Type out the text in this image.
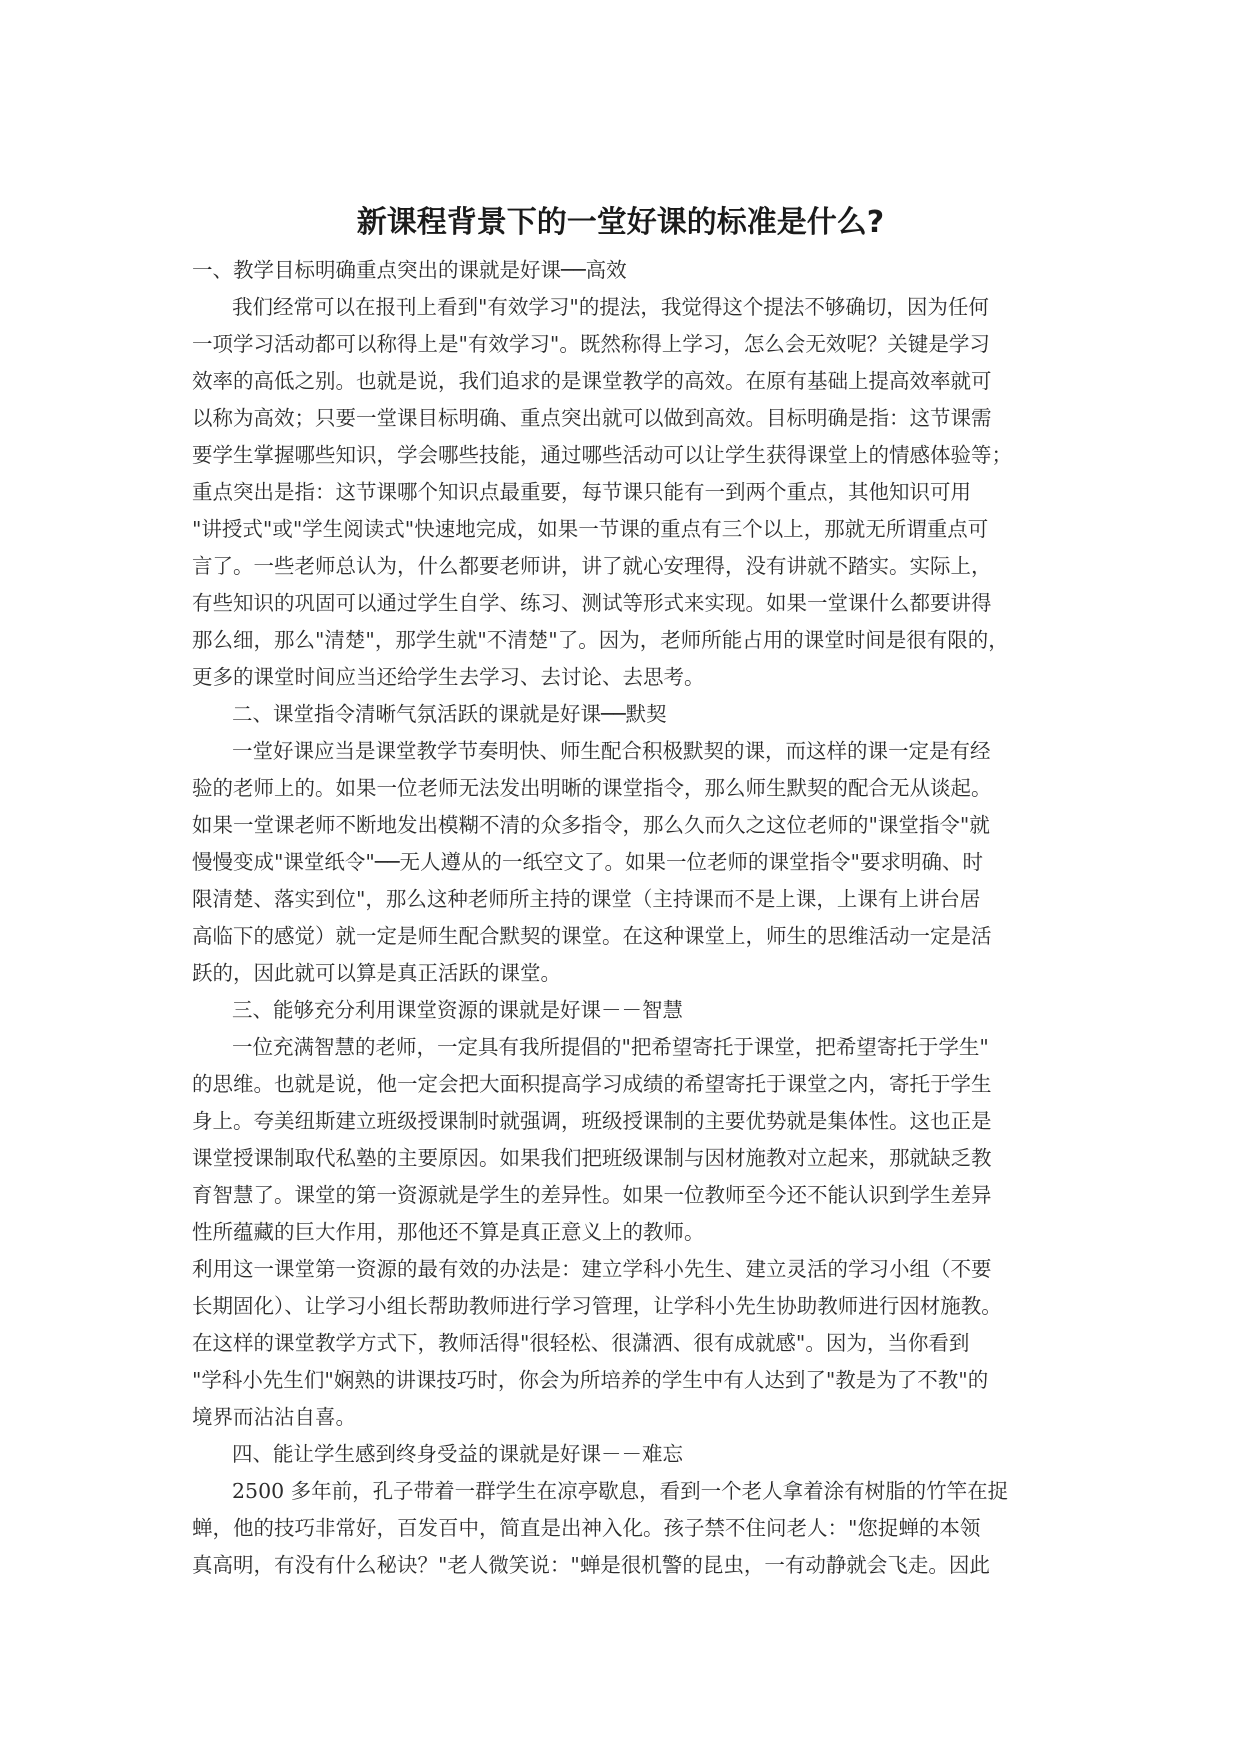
新课程背景下的一堂好课的标准是什么?

一、教学目标明确重点突出的课就是好课──高效

我们经常可以在报刊上看到"有效学习"的提法，我觉得这个提法不够确切，因为任何

一项学习活动都可以称得上是"有效学习"。既然称得上学习，怎么会无效呢？关键是学习

效率的高低之别。也就是说，我们追求的是课堂教学的高效。在原有基础上提高效率就可

以称为高效；只要一堂课目标明确、重点突出就可以做到高效。目标明确是指：这节课需

要学生掌握哪些知识，学会哪些技能，通过哪些活动可以让学生获得课堂上的情感体验等；

重点突出是指：这节课哪个知识点最重要，每节课只能有一到两个重点，其他知识可用

"讲授式"或"学生阅读式"快速地完成，如果一节课的重点有三个以上，那就无所谓重点可

言了。一些老师总认为，什么都要老师讲，讲了就心安理得，没有讲就不踏实。实际上，

有些知识的巩固可以通过学生自学、练习、测试等形式来实现。如果一堂课什么都要讲得

那么细，那么"清楚"，那学生就"不清楚"了。因为，老师所能占用的课堂时间是很有限的，

更多的课堂时间应当还给学生去学习、去讨论、去思考。

二、课堂指令清晰气氛活跃的课就是好课──默契

一堂好课应当是课堂教学节奏明快、师生配合积极默契的课，而这样的课一定是有经

验的老师上的。如果一位老师无法发出明晰的课堂指令，那么师生默契的配合无从谈起。

如果一堂课老师不断地发出模糊不清的众多指令，那么久而久之这位老师的"课堂指令"就

慢慢变成"课堂纸令"──无人遵从的一纸空文了。如果一位老师的课堂指令"要求明确、时

限清楚、落实到位"，那么这种老师所主持的课堂（主持课而不是上课，上课有上讲台居

高临下的感觉）就一定是师生配合默契的课堂。在这种课堂上，师生的思维活动一定是活

跃的，因此就可以算是真正活跃的课堂。

三、能够充分利用课堂资源的课就是好课－－智慧

一位充满智慧的老师，一定具有我所提倡的"把希望寄托于课堂，把希望寄托于学生"

的思维。也就是说，他一定会把大面积提高学习成绩的希望寄托于课堂之内，寄托于学生

身上。夸美纽斯建立班级授课制时就强调，班级授课制的主要优势就是集体性。这也正是

课堂授课制取代私塾的主要原因。如果我们把班级课制与因材施教对立起来，那就缺乏教

育智慧了。课堂的第一资源就是学生的差异性。如果一位教师至今还不能认识到学生差异

性所蕴藏的巨大作用，那他还不算是真正意义上的教师。

利用这一课堂第一资源的最有效的办法是：建立学科小先生、建立灵活的学习小组（不要

长期固化）、让学习小组长帮助教师进行学习管理，让学科小先生协助教师进行因材施教。

在这样的课堂教学方式下，教师活得"很轻松、很潇洒、很有成就感"。因为，当你看到

"学科小先生们"娴熟的讲课技巧时，你会为所培养的学生中有人达到了"教是为了不教"的

境界而沾沾自喜。

四、能让学生感到终身受益的课就是好课－－难忘

2500 多年前，孔子带着一群学生在凉亭歇息，看到一个老人拿着涂有树脂的竹竿在捉

蝉，他的技巧非常好，百发百中，简直是出神入化。孩子禁不住问老人："您捉蝉的本领

真高明，有没有什么秘诀？"老人微笑说："蝉是很机警的昆虫，一有动静就会飞走。因此
